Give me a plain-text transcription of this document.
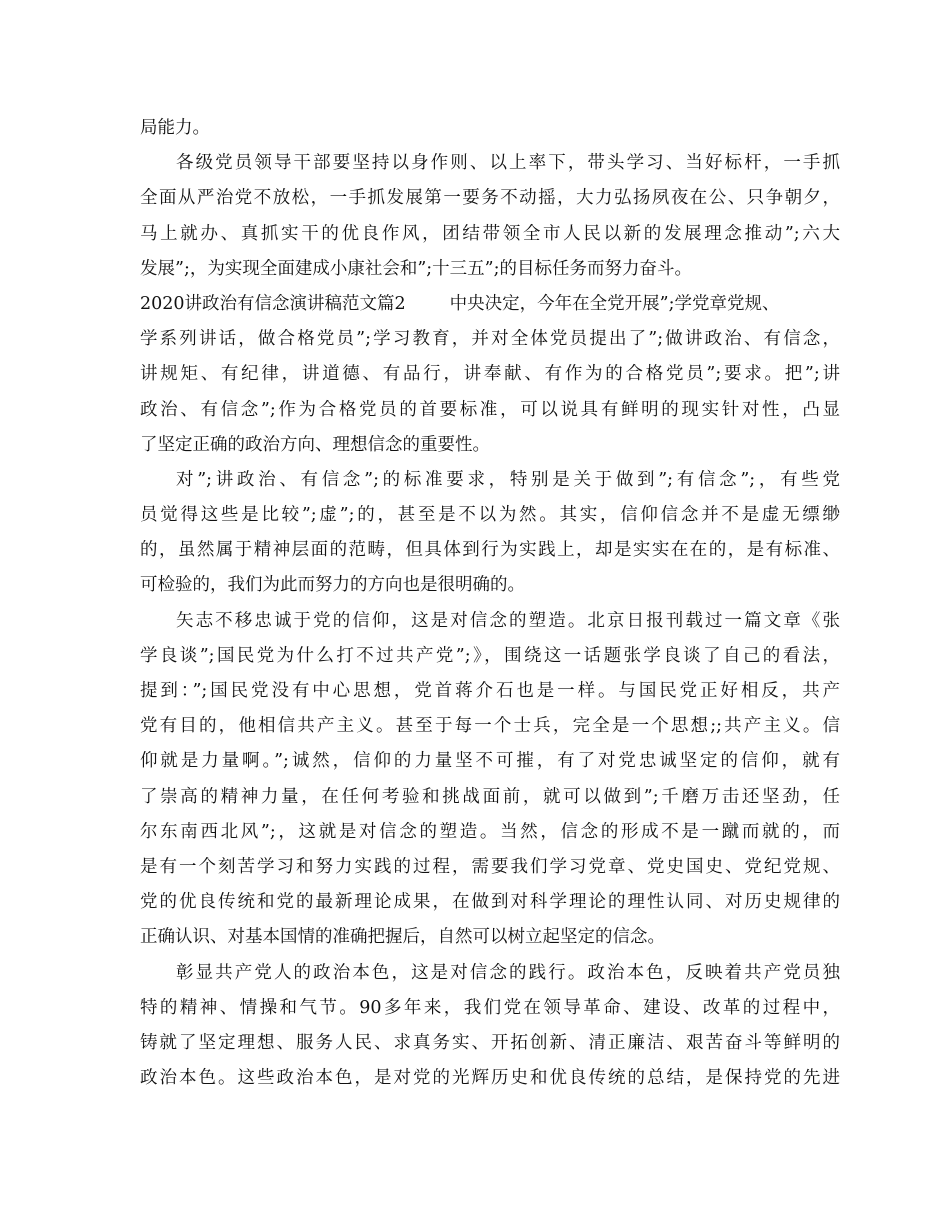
局能力。
各级党员领导干部要坚持以身作则、以上率下，带头学习、当好标杆，一手抓
全面从严治党不放松，一手抓发展第一要务不动摇，大力弘扬夙夜在公、只争朝夕，
马上就办、真抓实干的优良作风，团结带领全市人民以新的发展理念推动”;六大
发展”;，为实现全面建成小康社会和”;十三五”;的目标任务而努力奋斗。
2020讲政治有信念演讲稿范文篇2	中央决定，今年在全党开展”;学党章党规、
学系列讲话，做合格党员”;学习教育，并对全体党员提出了”;做讲政治、有信念，
讲规矩、有纪律，讲道德、有品行，讲奉献、有作为的合格党员”;要求。把”;讲
政治、有信念”;作为合格党员的首要标准，可以说具有鲜明的现实针对性，凸显
了坚定正确的政治方向、理想信念的重要性。
对”;讲政治、有信念”;的标准要求，特别是关于做到”;有信念”;，有些党
员觉得这些是比较”;虚”;的，甚至是不以为然。其实，信仰信念并不是虚无缥缈
的，虽然属于精神层面的范畴，但具体到行为实践上，却是实实在在的，是有标准、
可检验的，我们为此而努力的方向也是很明确的。
矢志不移忠诚于党的信仰，这是对信念的塑造。北京日报刊载过一篇文章《张
学良谈”;国民党为什么打不过共产党”;》，围绕这一话题张学良谈了自己的看法，
提到：”;国民党没有中心思想，党首蒋介石也是一样。与国民党正好相反，共产
党有目的，他相信共产主义。甚至于每一个士兵，完全是一个思想;;共产主义。信
仰就是力量啊。”;诚然，信仰的力量坚不可摧，有了对党忠诚坚定的信仰，就有
了崇高的精神力量，在任何考验和挑战面前，就可以做到”;千磨万击还坚劲，任
尔东南西北风”;，这就是对信念的塑造。当然，信念的形成不是一蹴而就的，而
是有一个刻苦学习和努力实践的过程，需要我们学习党章、党史国史、党纪党规、
党的优良传统和党的最新理论成果，在做到对科学理论的理性认同、对历史规律的
正确认识、对基本国情的准确把握后，自然可以树立起坚定的信念。
彰显共产党人的政治本色，这是对信念的践行。政治本色，反映着共产党员独
特的精神、情操和气节。90多年来，我们党在领导革命、建设、改革的过程中，
铸就了坚定理想、服务人民、求真务实、开拓创新、清正廉洁、艰苦奋斗等鲜明的
政治本色。这些政治本色，是对党的光辉历史和优良传统的总结，是保持党的先进
